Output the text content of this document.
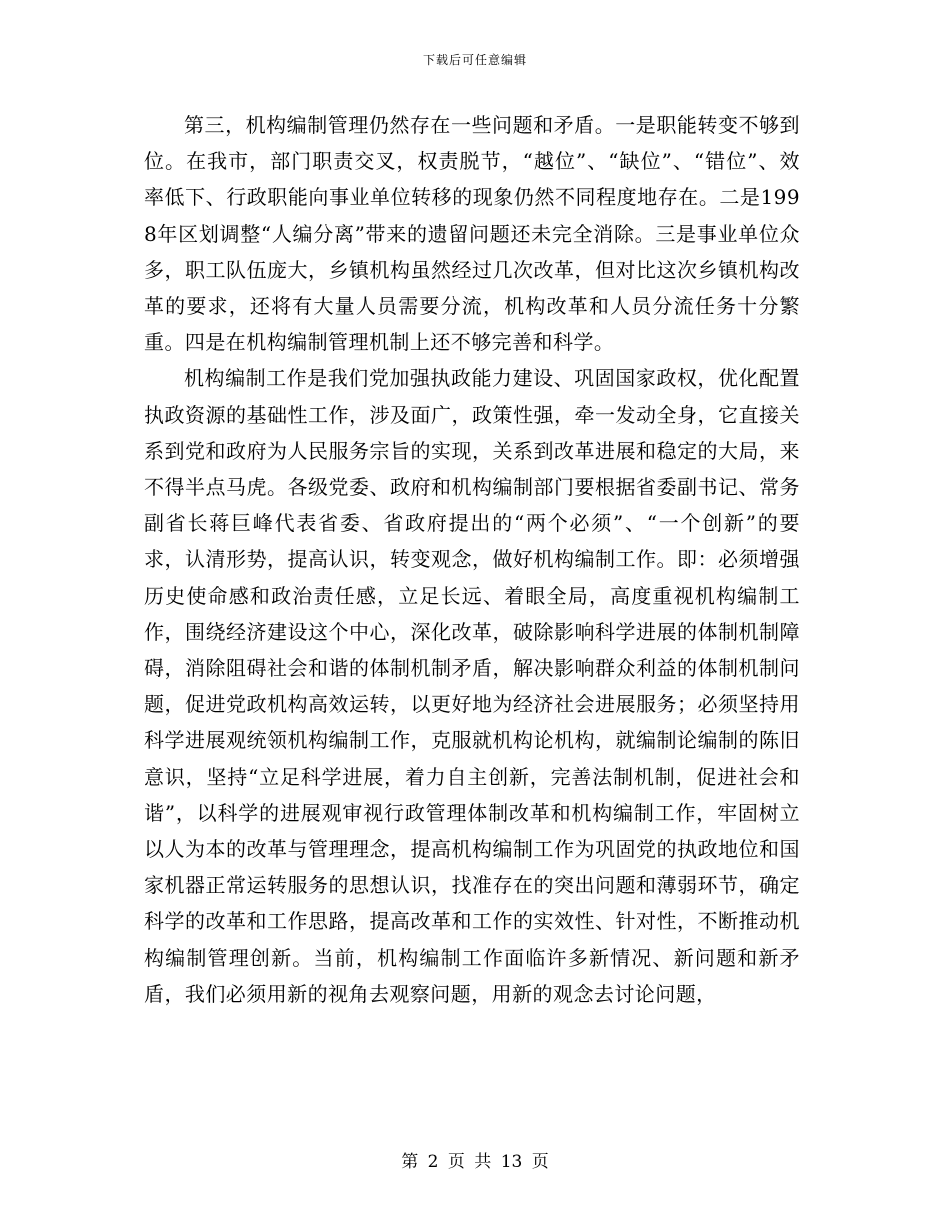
下载后可任意编辑

第三，机构编制管理仍然存在一些问题和矛盾。一是职能转变不够到位。在我市，部门职责交叉，权责脱节，“越位”、“缺位”、“错位”、效率低下、行政职能向事业单位转移的现象仍然不同程度地存在。二是1998年区划调整“人编分离”带来的遗留问题还未完全消除。三是事业单位众多，职工队伍庞大，乡镇机构虽然经过几次改革，但对比这次乡镇机构改革的要求，还将有大量人员需要分流，机构改革和人员分流任务十分繁重。四是在机构编制管理机制上还不够完善和科学。

机构编制工作是我们党加强执政能力建设、巩固国家政权，优化配置执政资源的基础性工作，涉及面广，政策性强，牵一发动全身，它直接关系到党和政府为人民服务宗旨的实现，关系到改革进展和稳定的大局，来不得半点马虎。各级党委、政府和机构编制部门要根据省委副书记、常务副省长蒋巨峰代表省委、省政府提出的“两个必须”、“一个创新”的要求，认清形势，提高认识，转变观念，做好机构编制工作。即：必须增强历史使命感和政治责任感，立足长远、着眼全局，高度重视机构编制工作，围绕经济建设这个中心，深化改革，破除影响科学进展的体制机制障碍，消除阻碍社会和谐的体制机制矛盾，解决影响群众利益的体制机制问题，促进党政机构高效运转，以更好地为经济社会进展服务；必须坚持用科学进展观统领机构编制工作，克服就机构论机构，就编制论编制的陈旧意识，坚持“立足科学进展，着力自主创新，完善法制机制，促进社会和谐”，以科学的进展观审视行政管理体制改革和机构编制工作，牢固树立以人为本的改革与管理理念，提高机构编制工作为巩固党的执政地位和国家机器正常运转服务的思想认识，找准存在的突出问题和薄弱环节，确定科学的改革和工作思路，提高改革和工作的实效性、针对性，不断推动机构编制管理创新。当前，机构编制工作面临许多新情况、新问题和新矛盾，我们必须用新的视角去观察问题，用新的观念去讨论问题，

第 2 页 共 13 页
